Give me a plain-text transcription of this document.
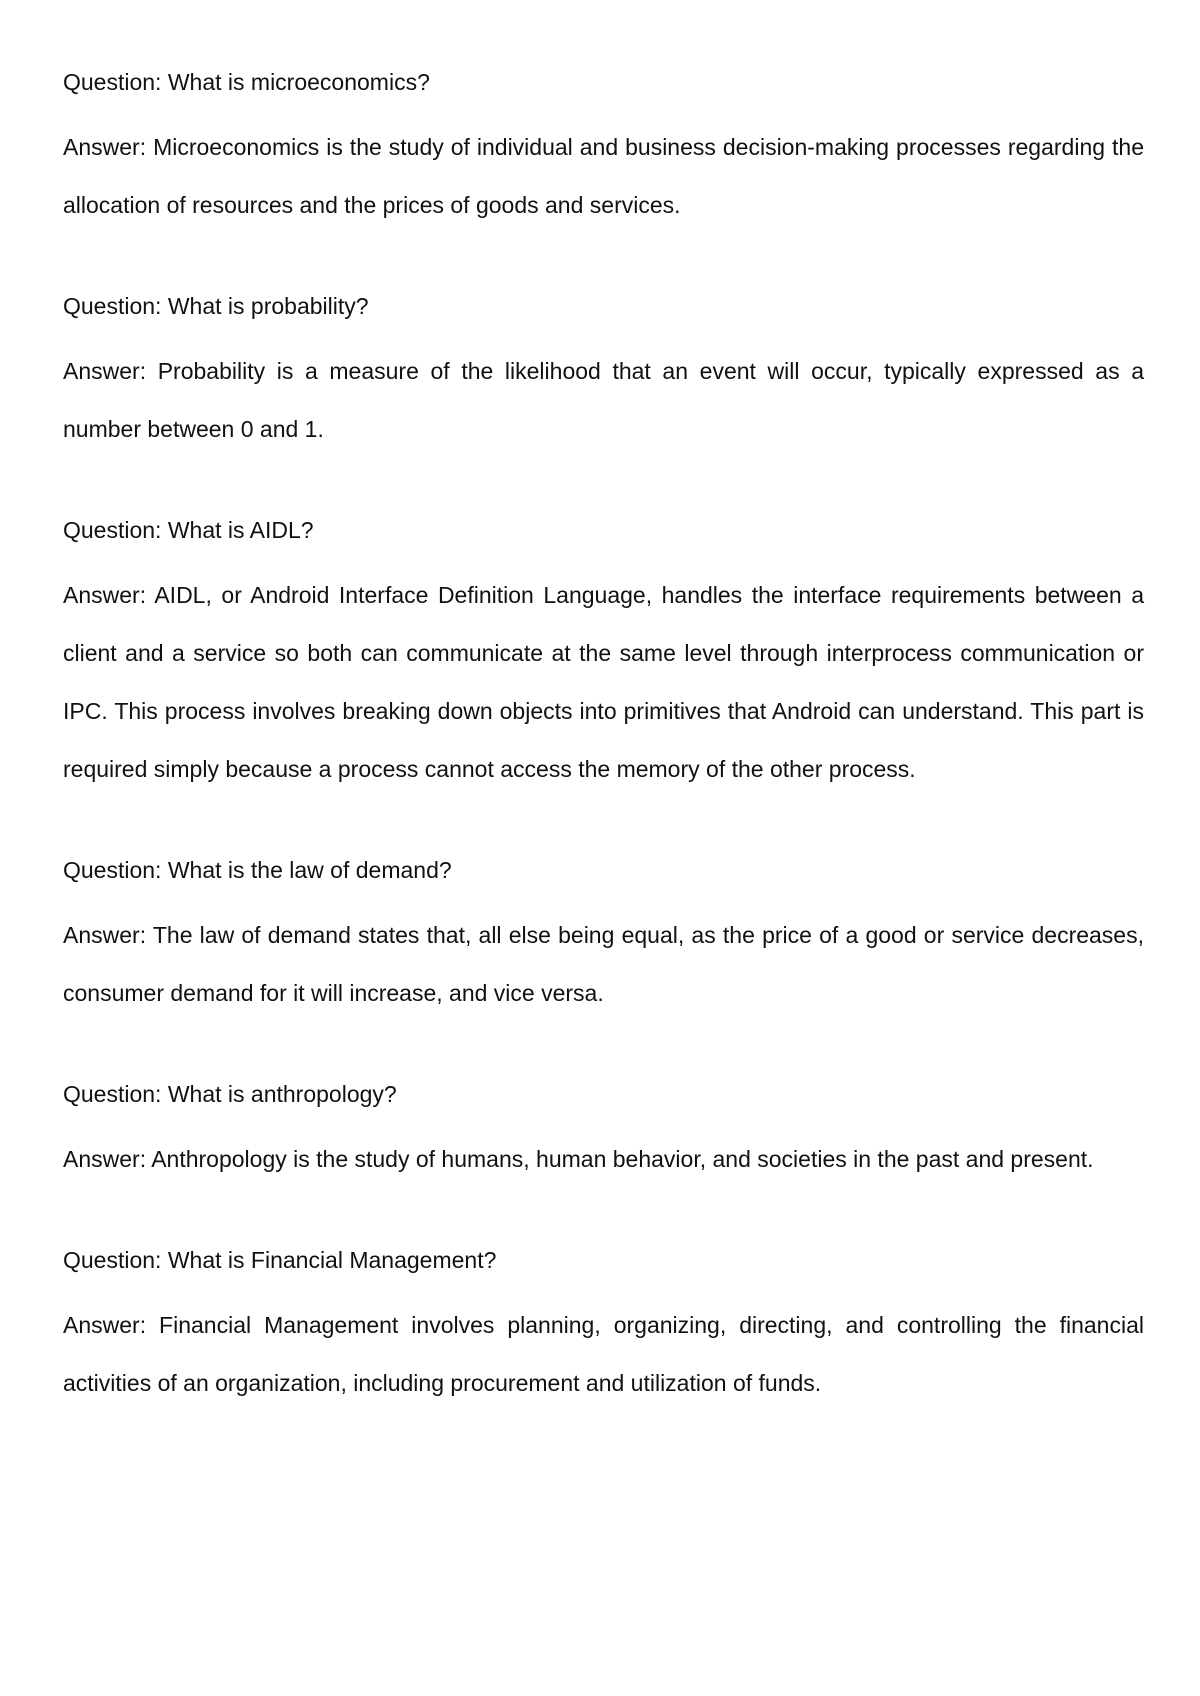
Question: What is microeconomics?

Answer: Microeconomics is the study of individual and business decision-making processes regarding the allocation of resources and the prices of goods and services.

Question: What is probability?

Answer: Probability is a measure of the likelihood that an event will occur, typically expressed as a number between 0 and 1.

Question: What is AIDL?

Answer: AIDL, or Android Interface Definition Language, handles the interface requirements between a client and a service so both can communicate at the same level through interprocess communication or IPC. This process involves breaking down objects into primitives that Android can understand. This part is required simply because a process cannot access the memory of the other process.

Question: What is the law of demand?

Answer: The law of demand states that, all else being equal, as the price of a good or service decreases, consumer demand for it will increase, and vice versa.

Question: What is anthropology?

Answer: Anthropology is the study of humans, human behavior, and societies in the past and present.

Question: What is Financial Management?

Answer: Financial Management involves planning, organizing, directing, and controlling the financial activities of an organization, including procurement and utilization of funds.
